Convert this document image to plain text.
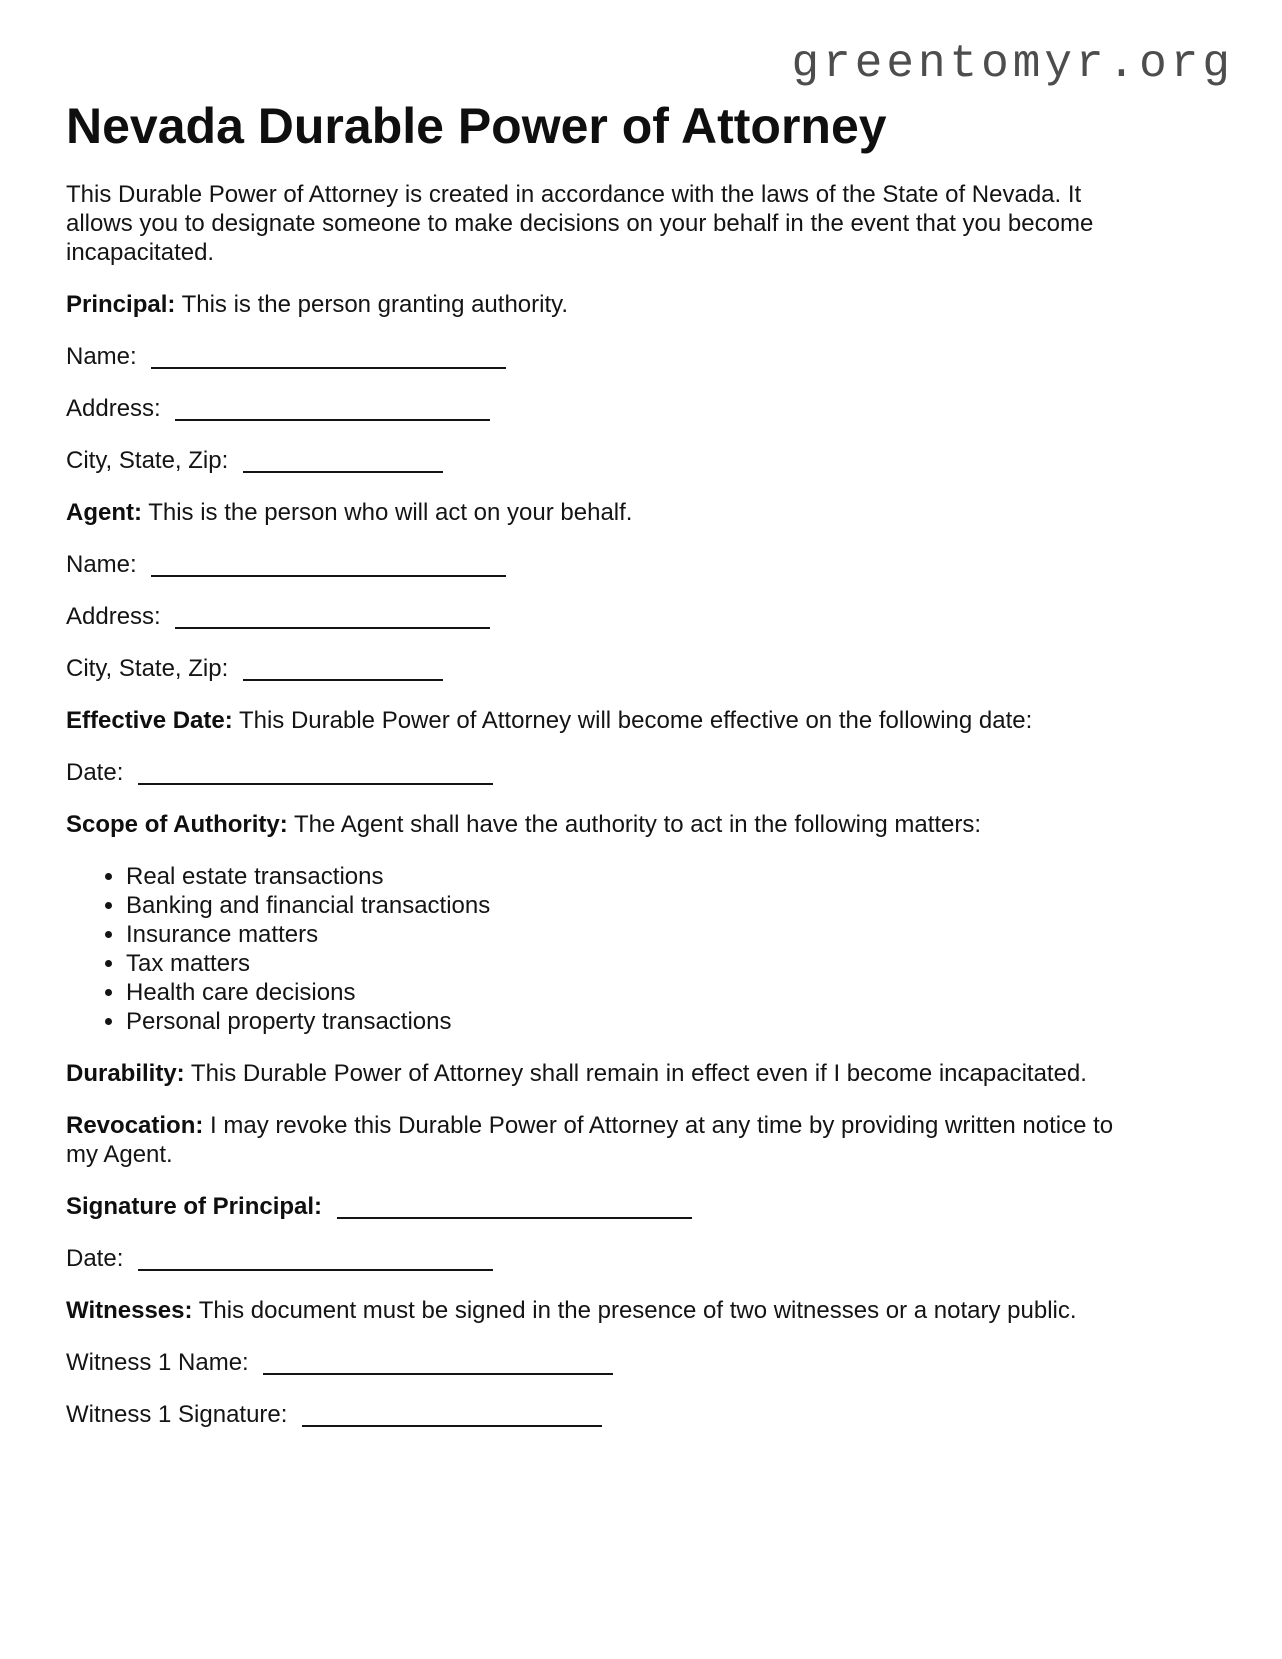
greentomyr.org
Nevada Durable Power of Attorney

This Durable Power of Attorney is created in accordance with the laws of the State of Nevada. It allows you to designate someone to make decisions on your behalf in the event that you become incapacitated.

Principal: This is the person granting authority.

Name:

Address:

City, State, Zip:

Agent: This is the person who will act on your behalf.

Name:

Address:

City, State, Zip:

Effective Date: This Durable Power of Attorney will become effective on the following date:

Date:

Scope of Authority: The Agent shall have the authority to act in the following matters:

• Real estate transactions
• Banking and financial transactions
• Insurance matters
• Tax matters
• Health care decisions
• Personal property transactions

Durability: This Durable Power of Attorney shall remain in effect even if I become incapacitated.

Revocation: I may revoke this Durable Power of Attorney at any time by providing written notice to my Agent.

Signature of Principal:

Date:

Witnesses: This document must be signed in the presence of two witnesses or a notary public.

Witness 1 Name:

Witness 1 Signature:
